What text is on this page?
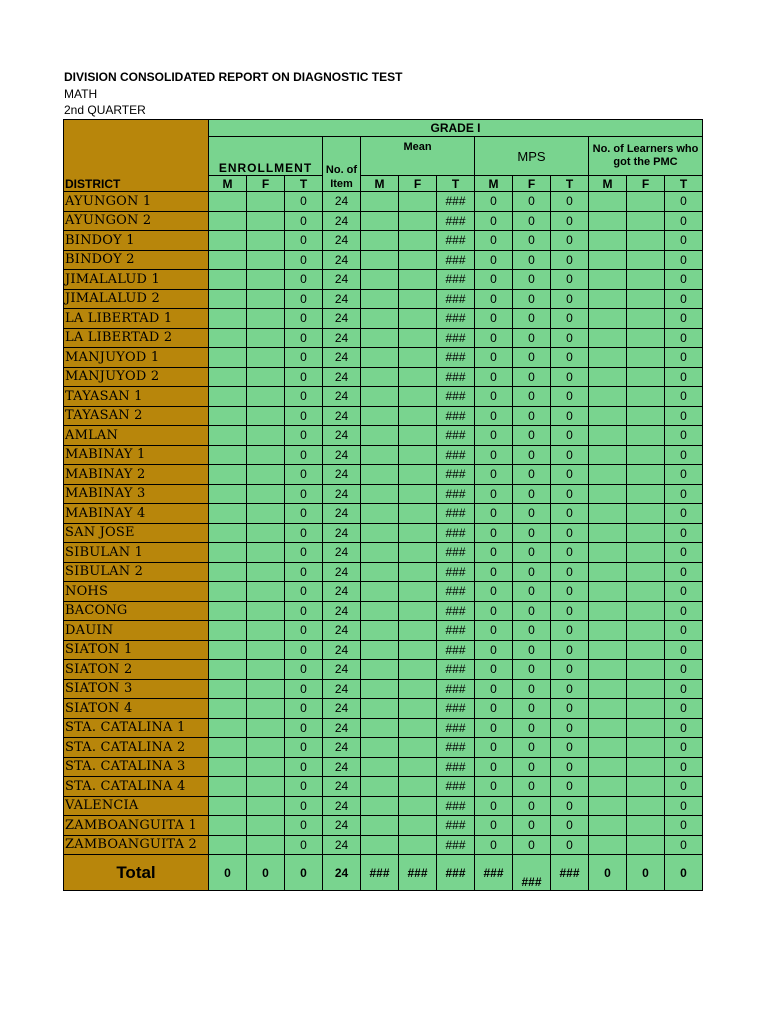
DIVISION CONSOLIDATED REPORT ON DIAGNOSTIC TEST
MATH
2nd QUARTER
DISTRICT	GRADE I												
	ENROLLMENT			No. of Item	Mean			MPS			No. of Learners who got the PMC		
	M	F	T		M	F	T	M	F	T	M	F	T
AYUNGON 1			0	24			###	0	0	0			0
AYUNGON 2			0	24			###	0	0	0			0
BINDOY 1			0	24			###	0	0	0			0
BINDOY 2			0	24			###	0	0	0			0
JIMALALUD 1			0	24			###	0	0	0			0
JIMALALUD 2			0	24			###	0	0	0			0
LA LIBERTAD 1			0	24			###	0	0	0			0
LA LIBERTAD 2			0	24			###	0	0	0			0
MANJUYOD 1			0	24			###	0	0	0			0
MANJUYOD 2			0	24			###	0	0	0			0
TAYASAN 1			0	24			###	0	0	0			0
TAYASAN 2			0	24			###	0	0	0			0
AMLAN			0	24			###	0	0	0			0
MABINAY 1			0	24			###	0	0	0			0
MABINAY 2			0	24			###	0	0	0			0
MABINAY 3			0	24			###	0	0	0			0
MABINAY 4			0	24			###	0	0	0			0
SAN JOSE			0	24			###	0	0	0			0
SIBULAN 1			0	24			###	0	0	0			0
SIBULAN 2			0	24			###	0	0	0			0
NOHS			0	24			###	0	0	0			0
BACONG			0	24			###	0	0	0			0
DAUIN			0	24			###	0	0	0			0
SIATON 1			0	24			###	0	0	0			0
SIATON 2			0	24			###	0	0	0			0
SIATON 3			0	24			###	0	0	0			0
SIATON 4			0	24			###	0	0	0			0
STA. CATALINA 1			0	24			###	0	0	0			0
STA. CATALINA 2			0	24			###	0	0	0			0
STA. CATALINA 3			0	24			###	0	0	0			0
STA. CATALINA 4			0	24			###	0	0	0			0
VALENCIA			0	24			###	0	0	0			0
ZAMBOANGUITA 1			0	24			###	0	0	0			0
ZAMBOANGUITA 2			0	24			###	0	0	0			0
Total	0	0	0	24	###	###	###	###	###	###	0	0	0
